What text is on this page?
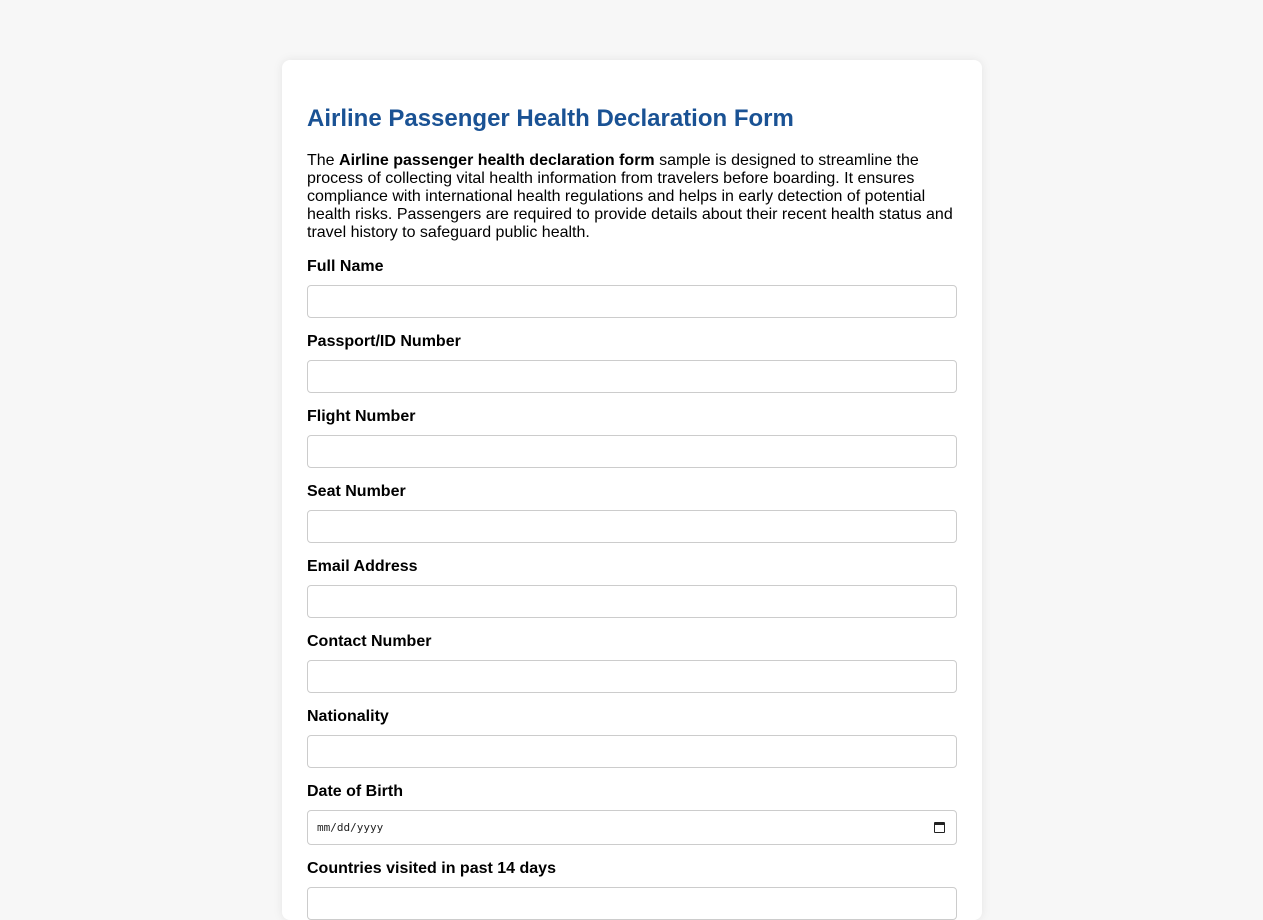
Airline Passenger Health Declaration Form

The Airline passenger health declaration form sample is designed to streamline the process of collecting vital health information from travelers before boarding. It ensures compliance with international health regulations and helps in early detection of potential health risks. Passengers are required to provide details about their recent health status and travel history to safeguard public health.

Full Name
Passport/ID Number
Flight Number
Seat Number
Email Address
Contact Number
Nationality
Date of Birth
mm/dd/yyyy
Countries visited in past 14 days
